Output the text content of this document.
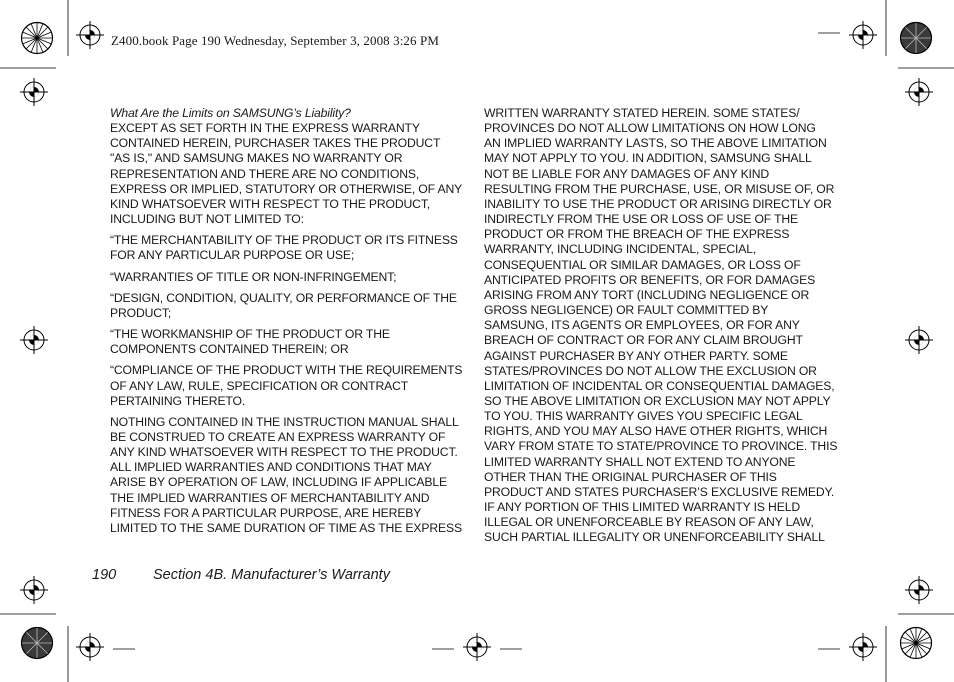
Z400.book Page 190 Wednesday, September 3, 2008 3:26 PM

What Are the Limits on SAMSUNG’s Liability?

EXCEPT AS SET FORTH IN THE EXPRESS WARRANTY
CONTAINED HEREIN, PURCHASER TAKES THE PRODUCT
"AS IS," AND SAMSUNG MAKES NO WARRANTY OR
REPRESENTATION AND THERE ARE NO CONDITIONS,
EXPRESS OR IMPLIED, STATUTORY OR OTHERWISE, OF ANY
KIND WHATSOEVER WITH RESPECT TO THE PRODUCT,
INCLUDING BUT NOT LIMITED TO:

“THE MERCHANTABILITY OF THE PRODUCT OR ITS FITNESS
FOR ANY PARTICULAR PURPOSE OR USE;

“WARRANTIES OF TITLE OR NON-INFRINGEMENT;

“DESIGN, CONDITION, QUALITY, OR PERFORMANCE OF THE
PRODUCT;

“THE WORKMANSHIP OF THE PRODUCT OR THE
COMPONENTS CONTAINED THEREIN; OR

“COMPLIANCE OF THE PRODUCT WITH THE REQUIREMENTS
OF ANY LAW, RULE, SPECIFICATION OR CONTRACT
PERTAINING THERETO.

NOTHING CONTAINED IN THE INSTRUCTION MANUAL SHALL
BE CONSTRUED TO CREATE AN EXPRESS WARRANTY OF
ANY KIND WHATSOEVER WITH RESPECT TO THE PRODUCT.
ALL IMPLIED WARRANTIES AND CONDITIONS THAT MAY
ARISE BY OPERATION OF LAW, INCLUDING IF APPLICABLE
THE IMPLIED WARRANTIES OF MERCHANTABILITY AND
FITNESS FOR A PARTICULAR PURPOSE, ARE HEREBY
LIMITED TO THE SAME DURATION OF TIME AS THE EXPRESS

WRITTEN WARRANTY STATED HEREIN. SOME STATES/
PROVINCES DO NOT ALLOW LIMITATIONS ON HOW LONG
AN IMPLIED WARRANTY LASTS, SO THE ABOVE LIMITATION
MAY NOT APPLY TO YOU. IN ADDITION, SAMSUNG SHALL
NOT BE LIABLE FOR ANY DAMAGES OF ANY KIND
RESULTING FROM THE PURCHASE, USE, OR MISUSE OF, OR
INABILITY TO USE THE PRODUCT OR ARISING DIRECTLY OR
INDIRECTLY FROM THE USE OR LOSS OF USE OF THE
PRODUCT OR FROM THE BREACH OF THE EXPRESS
WARRANTY, INCLUDING INCIDENTAL, SPECIAL,
CONSEQUENTIAL OR SIMILAR DAMAGES, OR LOSS OF
ANTICIPATED PROFITS OR BENEFITS, OR FOR DAMAGES
ARISING FROM ANY TORT (INCLUDING NEGLIGENCE OR
GROSS NEGLIGENCE) OR FAULT COMMITTED BY
SAMSUNG, ITS AGENTS OR EMPLOYEES, OR FOR ANY
BREACH OF CONTRACT OR FOR ANY CLAIM BROUGHT
AGAINST PURCHASER BY ANY OTHER PARTY. SOME
STATES/PROVINCES DO NOT ALLOW THE EXCLUSION OR
LIMITATION OF INCIDENTAL OR CONSEQUENTIAL DAMAGES,
SO THE ABOVE LIMITATION OR EXCLUSION MAY NOT APPLY
TO YOU. THIS WARRANTY GIVES YOU SPECIFIC LEGAL
RIGHTS, AND YOU MAY ALSO HAVE OTHER RIGHTS, WHICH
VARY FROM STATE TO STATE/PROVINCE TO PROVINCE. THIS
LIMITED WARRANTY SHALL NOT EXTEND TO ANYONE
OTHER THAN THE ORIGINAL PURCHASER OF THIS
PRODUCT AND STATES PURCHASER’S EXCLUSIVE REMEDY.
IF ANY PORTION OF THIS LIMITED WARRANTY IS HELD
ILLEGAL OR UNENFORCEABLE BY REASON OF ANY LAW,
SUCH PARTIAL ILLEGALITY OR UNENFORCEABILITY SHALL
190	Section 4B. Manufacturer’s Warranty
